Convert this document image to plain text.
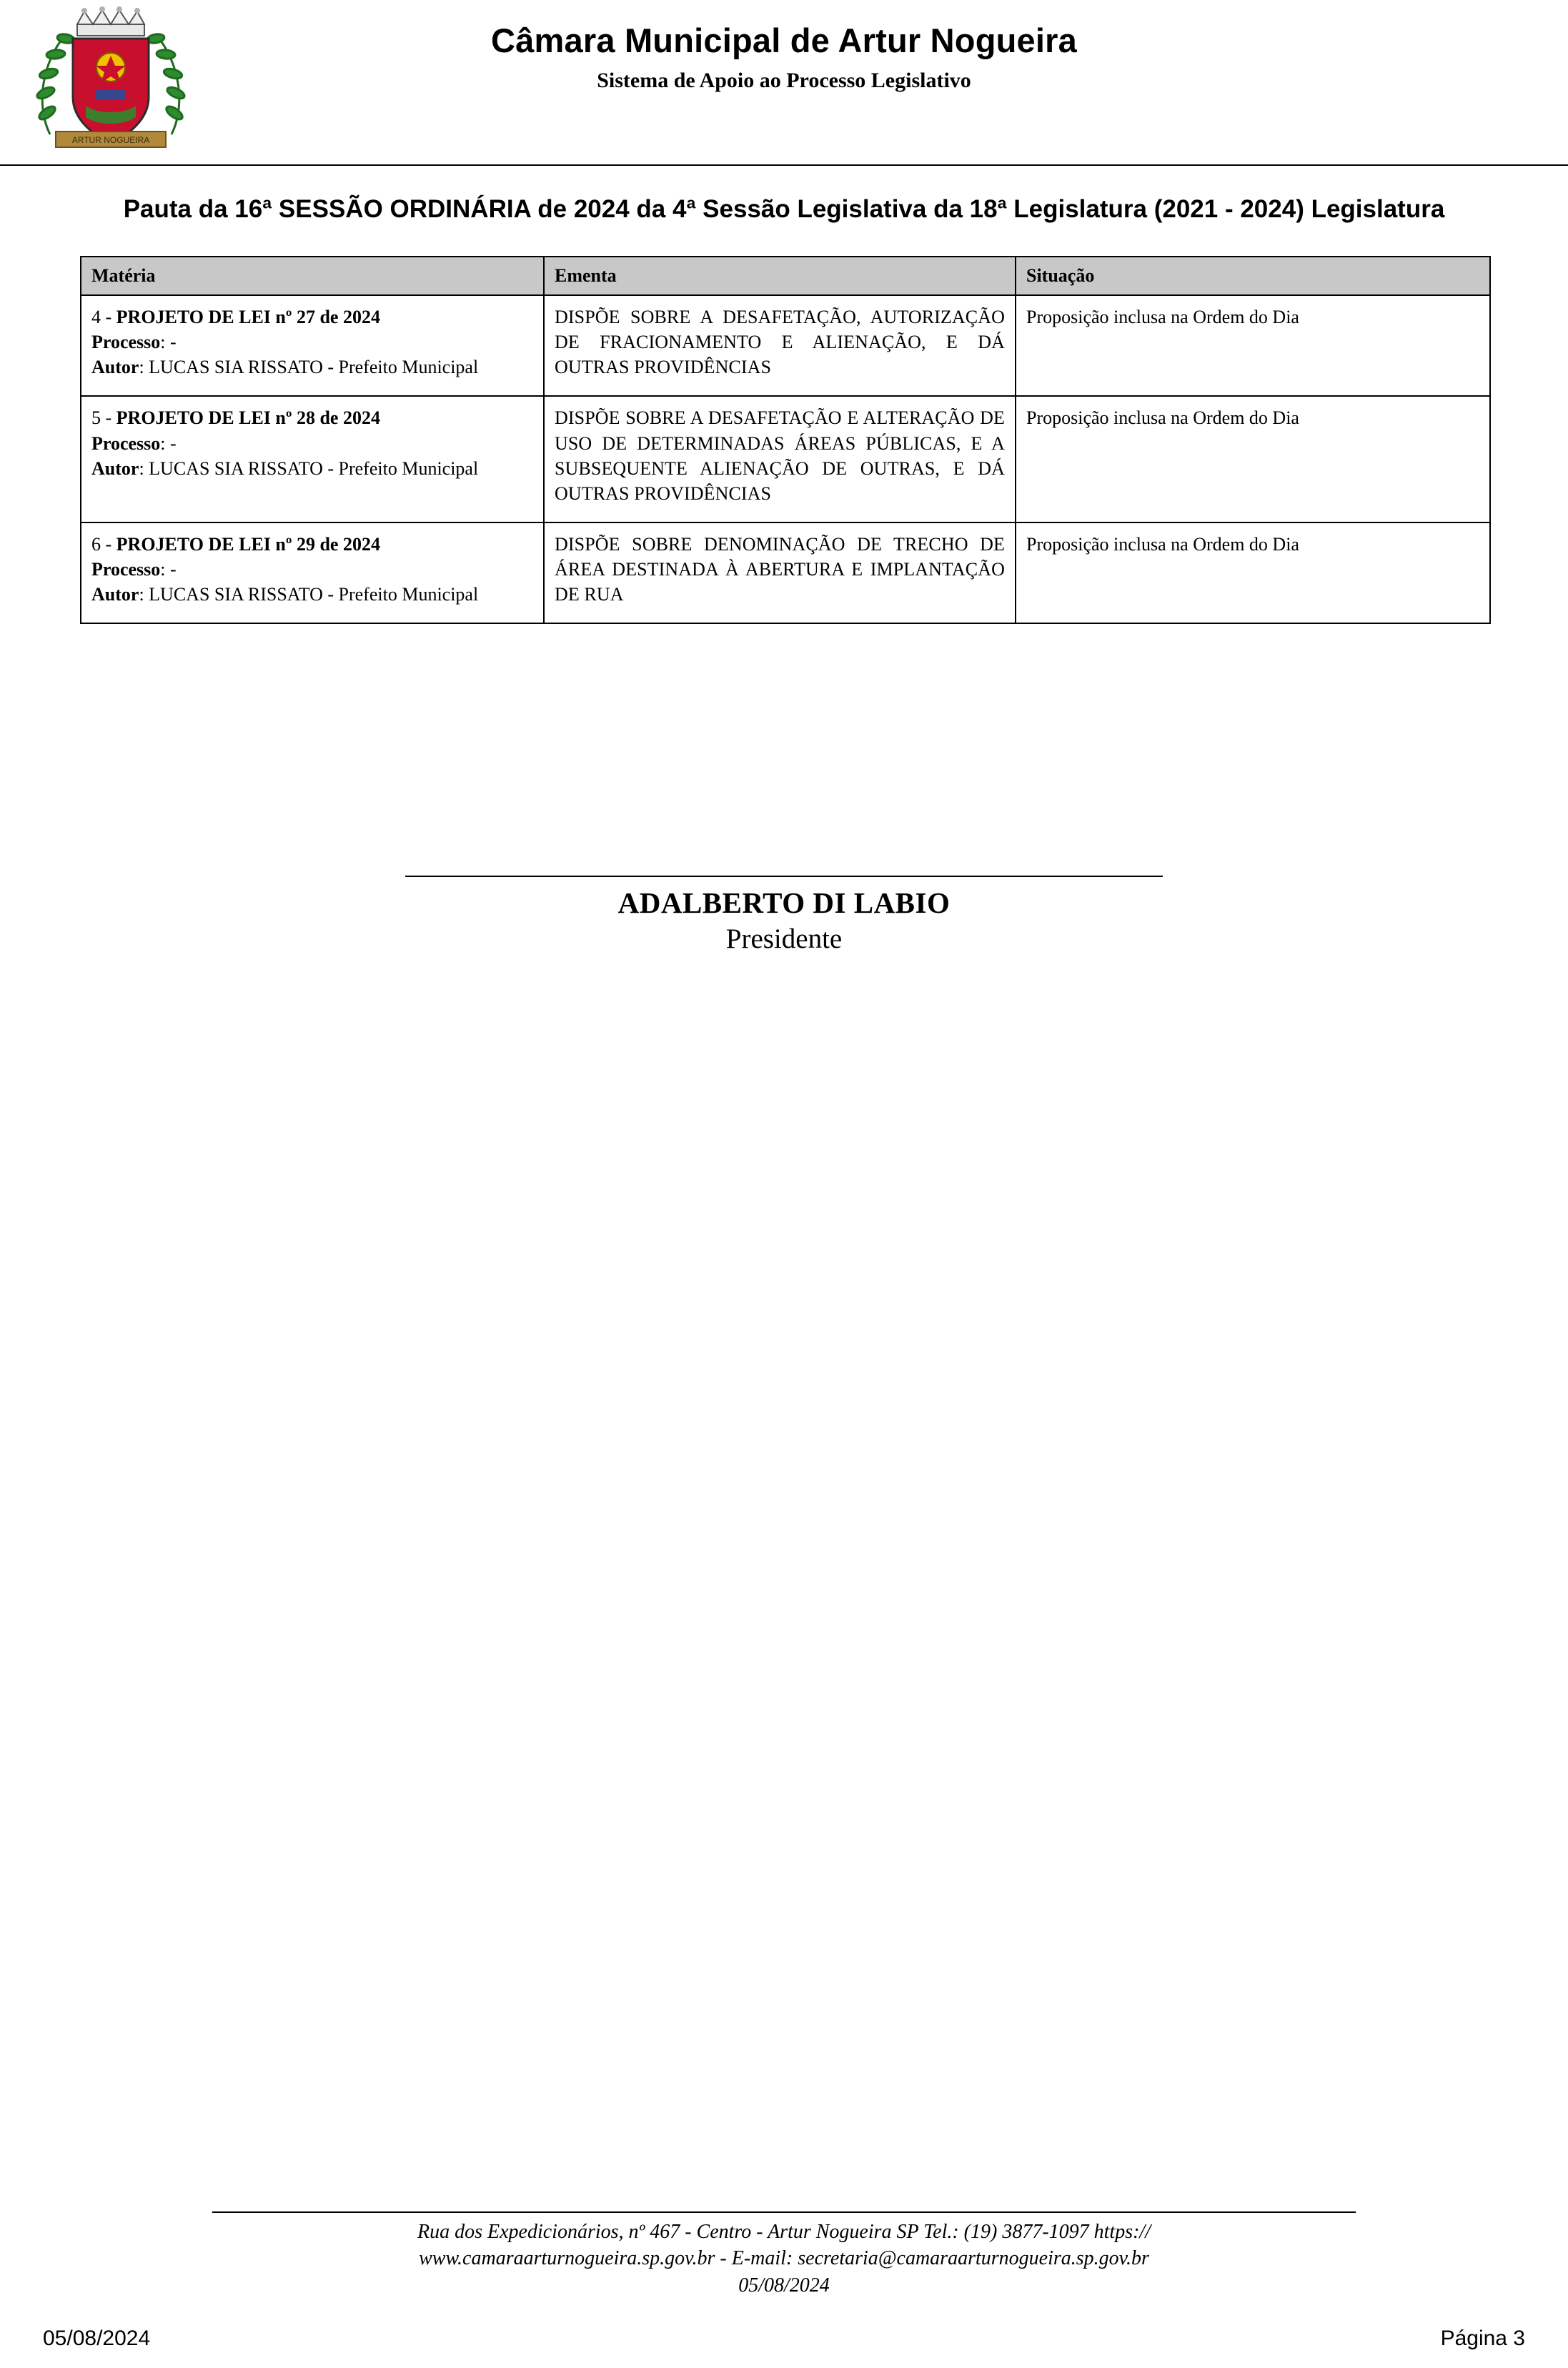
ARTUR NOGUEIRA
Câmara Municipal de Artur Nogueira
Sistema de Apoio ao Processo Legislativo
Pauta da 16ª SESSÃO ORDINÁRIA de 2024 da 4ª Sessão Legislativa da 18ª Legislatura (2021 - 2024) Legislatura
Matéria	Ementa	Situação
4 - PROJETO DE LEI nº 27 de 2024
Processo: -
Autor: LUCAS SIA RISSATO - Prefeito Municipal	DISPÕE SOBRE A DESAFETAÇÃO, AUTORIZAÇÃO DE FRACIONAMENTO E ALIENAÇÃO, E DÁ OUTRAS PROVIDÊNCIAS	Proposição inclusa na Ordem do Dia
5 - PROJETO DE LEI nº 28 de 2024
Processo: -
Autor: LUCAS SIA RISSATO - Prefeito Municipal	DISPÕE SOBRE A DESAFETAÇÃO E ALTERAÇÃO DE USO DE DETERMINADAS ÁREAS PÚBLICAS, E A SUBSEQUENTE ALIENAÇÃO DE OUTRAS, E DÁ OUTRAS PROVIDÊNCIAS	Proposição inclusa na Ordem do Dia
6 - PROJETO DE LEI nº 29 de 2024
Processo: -
Autor: LUCAS SIA RISSATO - Prefeito Municipal	DISPÕE SOBRE DENOMINAÇÃO DE TRECHO DE ÁREA DESTINADA À ABERTURA E IMPLANTAÇÃO DE RUA	Proposição inclusa na Ordem do Dia
ADALBERTO DI LABIO
Presidente
Rua dos Expedicionários, nº 467 - Centro - Artur Nogueira SP Tel.: (19) 3877-1097 https://
www.camaraarturnogueira.sp.gov.br - E-mail: secretaria@camaraarturnogueira.sp.gov.br
05/08/2024
05/08/2024	Página 3
